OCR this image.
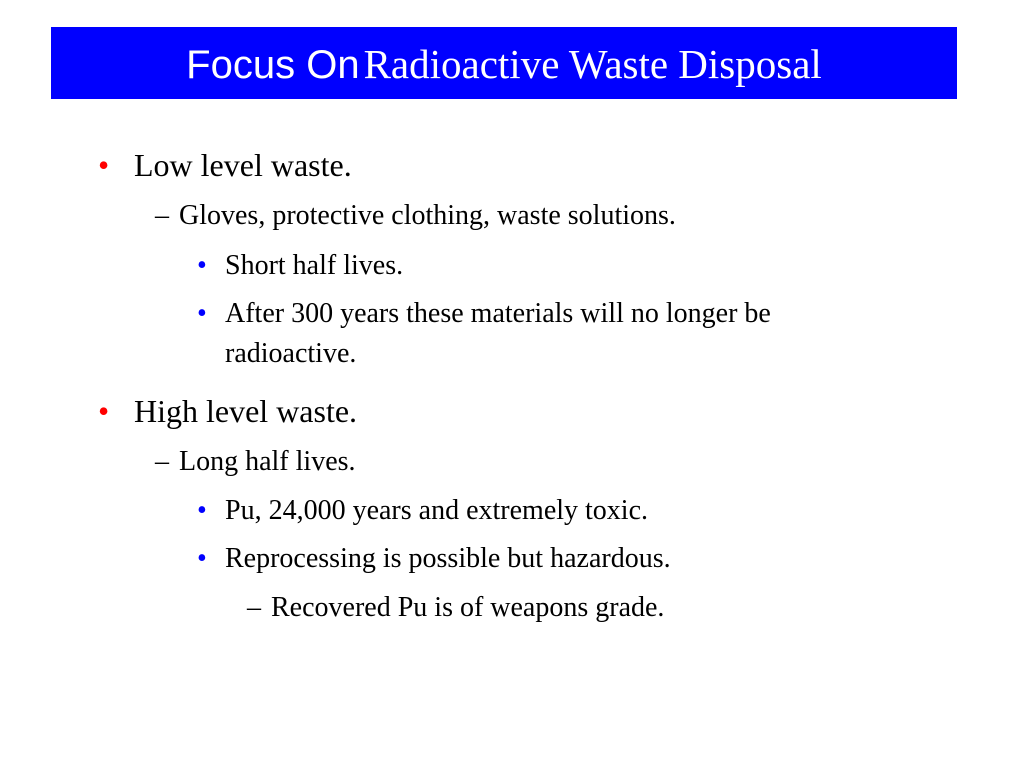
Focus On Radioactive Waste Disposal
• Low level waste.
– Gloves, protective clothing, waste solutions.
• Short half lives.
• After 300 years these materials will no longer be
radioactive.
• High level waste.
– Long half lives.
• Pu, 24,000 years and extremely toxic.
• Reprocessing is possible but hazardous.
– Recovered Pu is of weapons grade.
